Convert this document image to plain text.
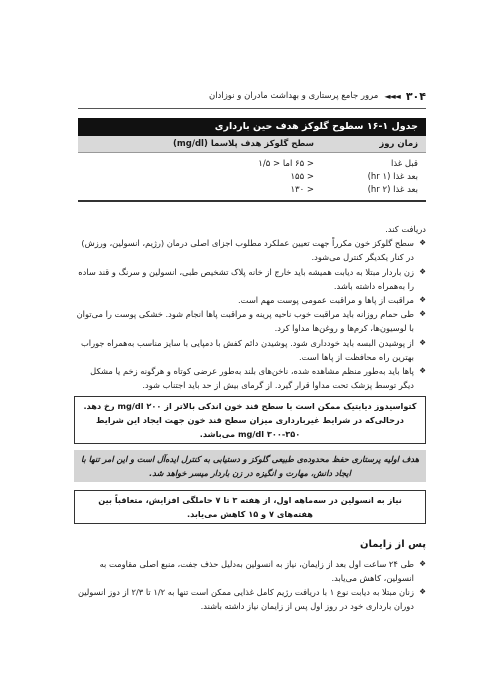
۳۰۴
◄◄◄
مرور جامع پرستاری و بهداشت مادران و نوزادان
جدول ۱-۱۶ سطوح گلوکز هدف حین بارداری
زمان روز
سطح گلوکز هدف پلاسما (mg/dl)
قبل غذا
< ۶۵ اما < ۱/۵
بعد غذا (۱ hr)
< ۱۵۵
بعد غذا (۲ hr)
< ۱۳۰

دریافت کند.

❖
سطح گلوکز خون مکرراً جهت تعیین عملکرد مطلوب اجزای اصلی درمان (رژیم، انسولین، ورزش) در کنار یکدیگر کنترل می‌شود.
❖
زن باردار مبتلا به دیابت همیشه باید خارج از خانه پلاک تشخیص طبی، انسولین و سرنگ و قند ساده را به‌همراه داشته باشد.
❖
مراقبت از پاها و مراقبت عمومی پوست مهم است.
❖
طی حمام روزانه باید مراقبت خوب ناحیه پرینه و مراقبت پاها انجام شود. خشکی پوست را می‌توان با لوسیون‌ها، کرم‌ها و روغن‌ها مداوا کرد.
❖
از پوشیدن البسه باید خودداری شود. پوشیدن دائم کفش با دمپایی با سایز مناسب به‌همراه جوراب بهترین راه محافظت از پاها است.
❖
پاها باید به‌طور منظم مشاهده شده، ناخن‌های بلند به‌طور عرضی کوتاه و هرگونه زخم یا مشکل دیگر توسط پزشک تحت مداوا قرار گیرد. از گرمای بیش از حد باید اجتناب شود.
کتواسیدوز دیابتیک ممکن است با سطح قند خون اندکی بالاتر از ۲۰۰ mg/dl رخ دهد. درحالی‌که در شرایط غیربارداری میزان سطح قند خون جهت ایجاد این شرایط ۳۵۰-۳۰۰ mg/dl می‌باشد.
هدف اولیه پرستاری حفظ محدوده‌ی طبیعی گلوکز و دستیابی به کنترل ایده‌آل است و این امر تنها با ایجاد دانش، مهارت و انگیزه در زن باردار میسر خواهد شد.
نیاز به انسولین در سه‌ماهه اول، از هفته ۳ تا ۷ حاملگی افزایش، متعاقباً بین هفته‌های ۷ و ۱۵ کاهش می‌یابد.
پس از زایمان
❖
طی ۲۴ ساعت اول بعد از زایمان، نیاز به انسولین به‌دلیل حذف جفت، منبع اصلی مقاومت به انسولین، کاهش می‌یابد.
❖
زنان مبتلا به دیابت نوع ۱ با دریافت رژیم کامل غذایی ممکن است تنها به ۱/۲ تا ۲/۳ از دوز انسولین دوران بارداری خود در روز اول پس از زایمان نیاز داشته باشند.
